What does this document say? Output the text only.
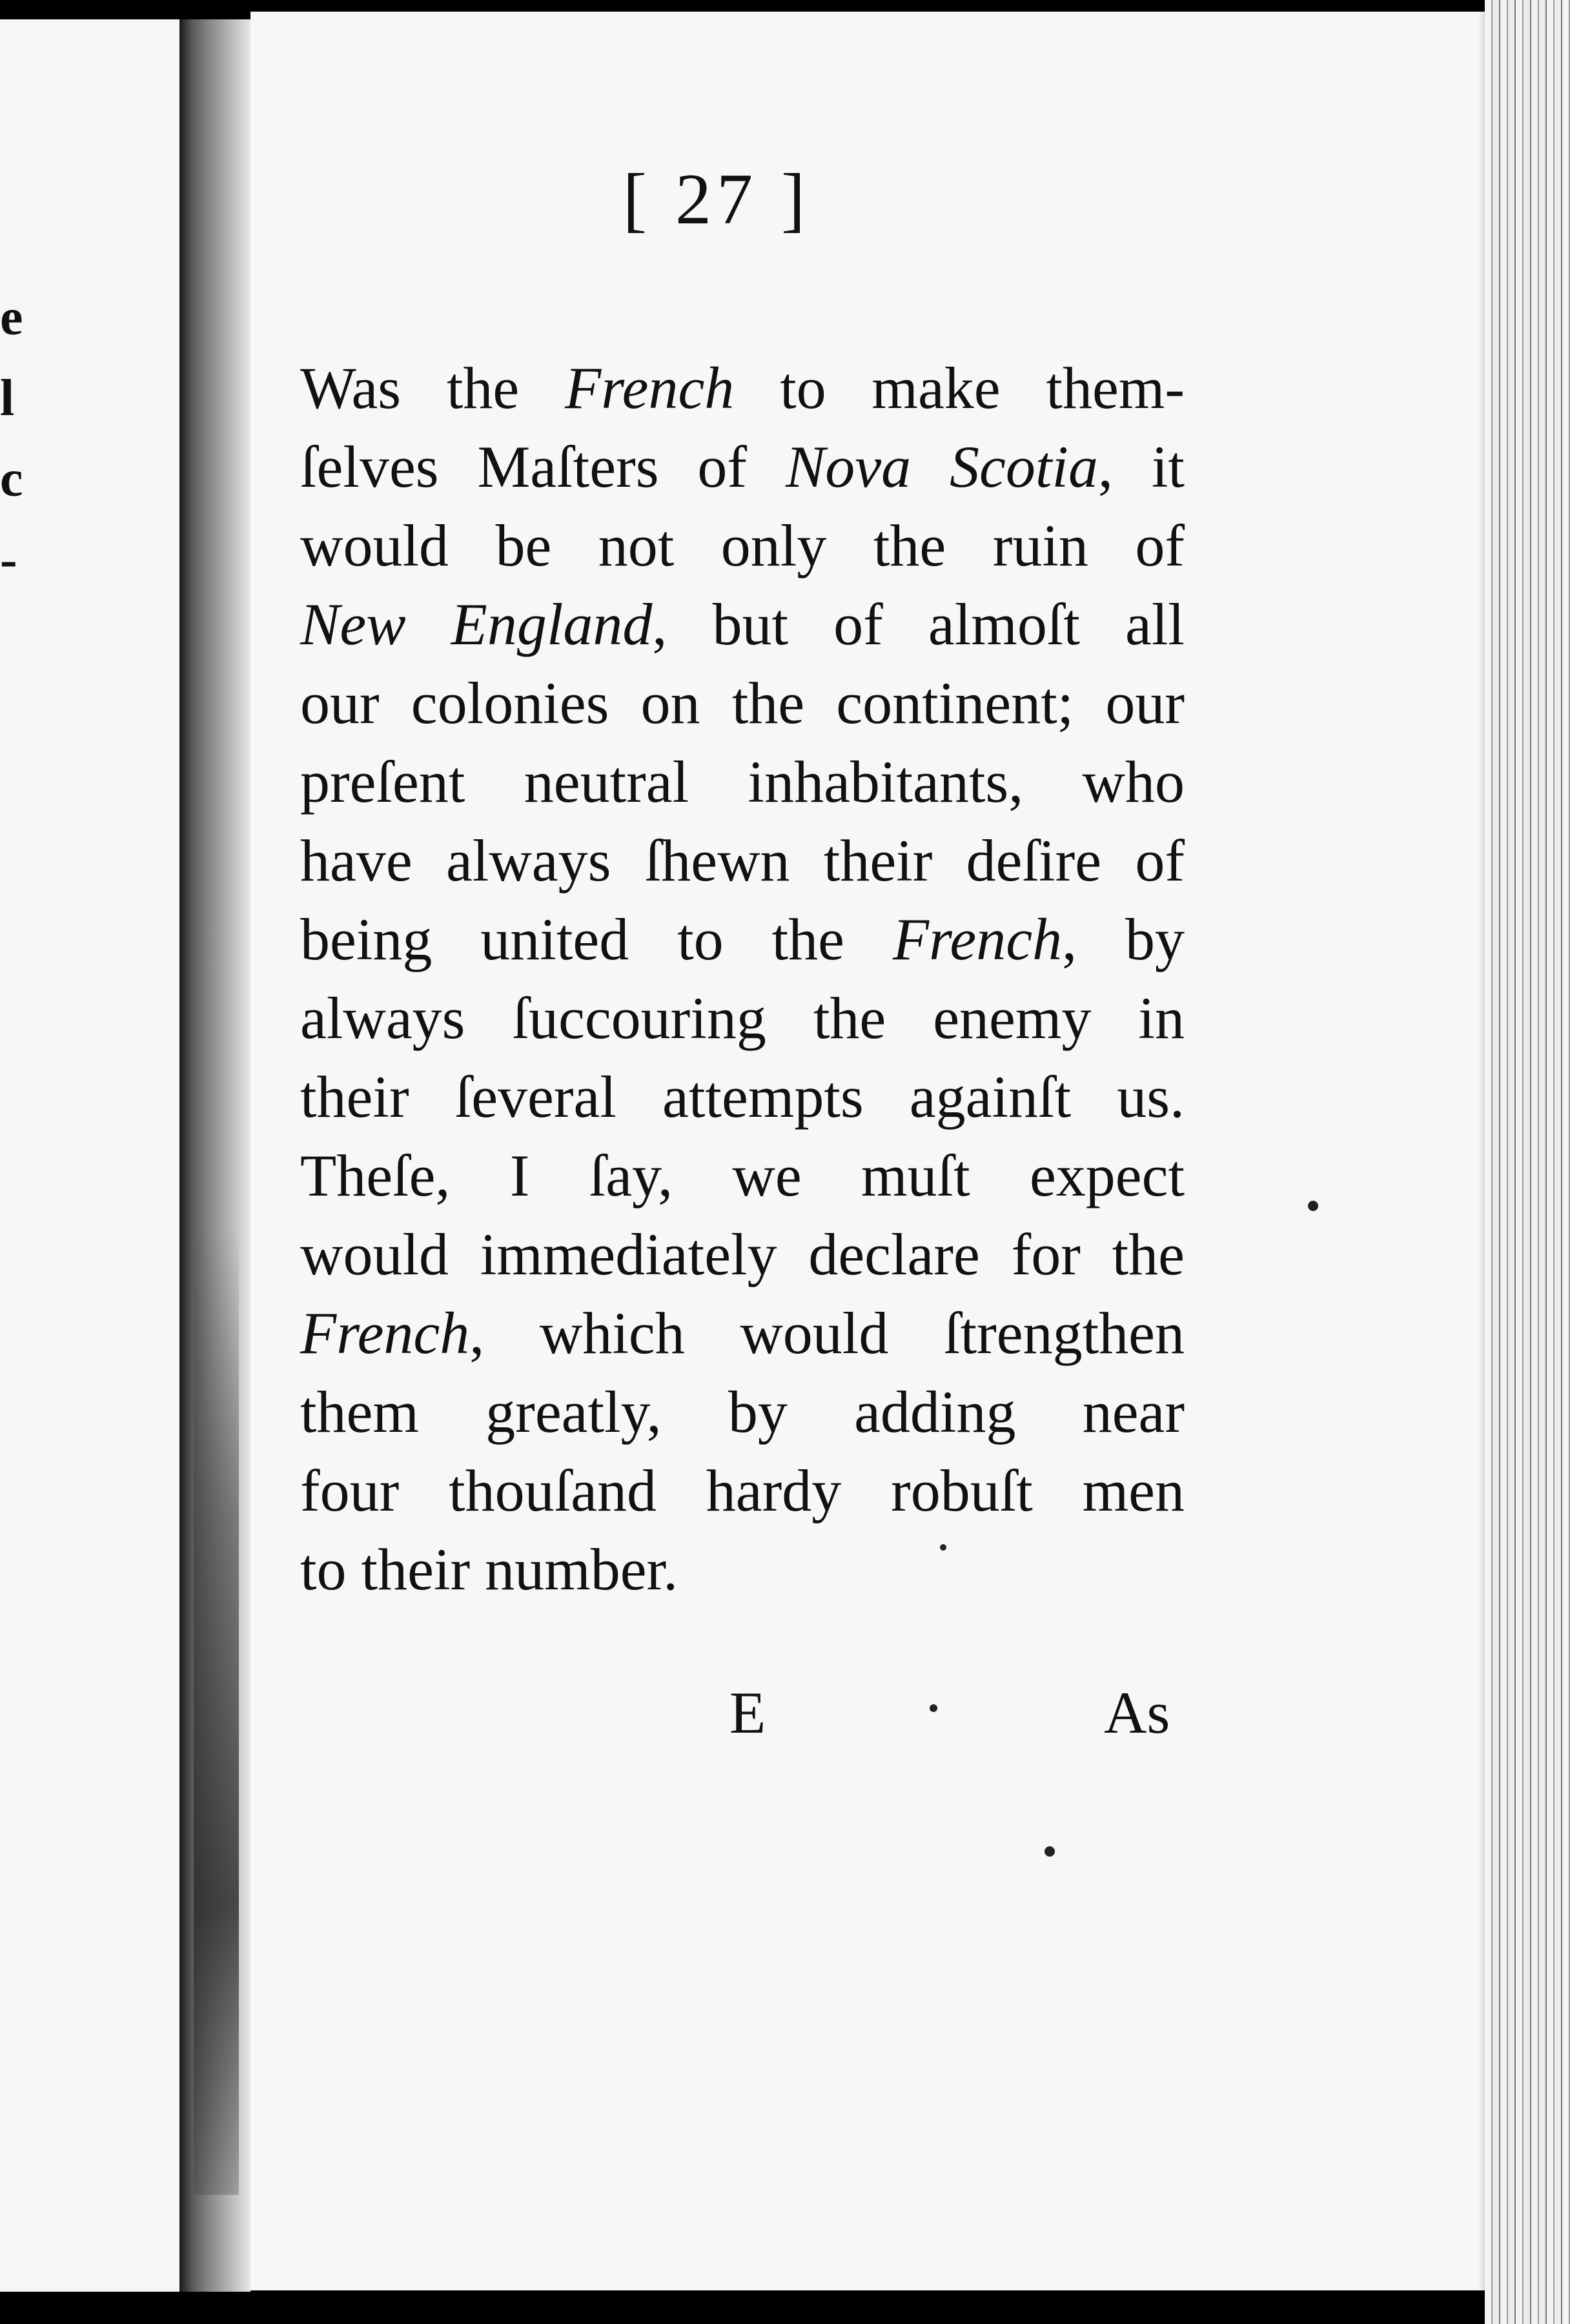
e
l
c
-
[ 27 ]
Was the French to make them-
ſelves Maſters of Nova Scotia, it
would be not only the ruin of
New England, but of almoſt all
our colonies on the continent; our
preſent neutral inhabitants, who
have always ſhewn their deſire of
being united to the French, by
always ſuccouring the enemy in
their ſeveral attempts againſt us.
Theſe, I ſay, we muſt expect
would immediately declare for the
French, which would ſtrengthen
them greatly, by adding near
four thouſand hardy robuſt men
to their number.
E	As
